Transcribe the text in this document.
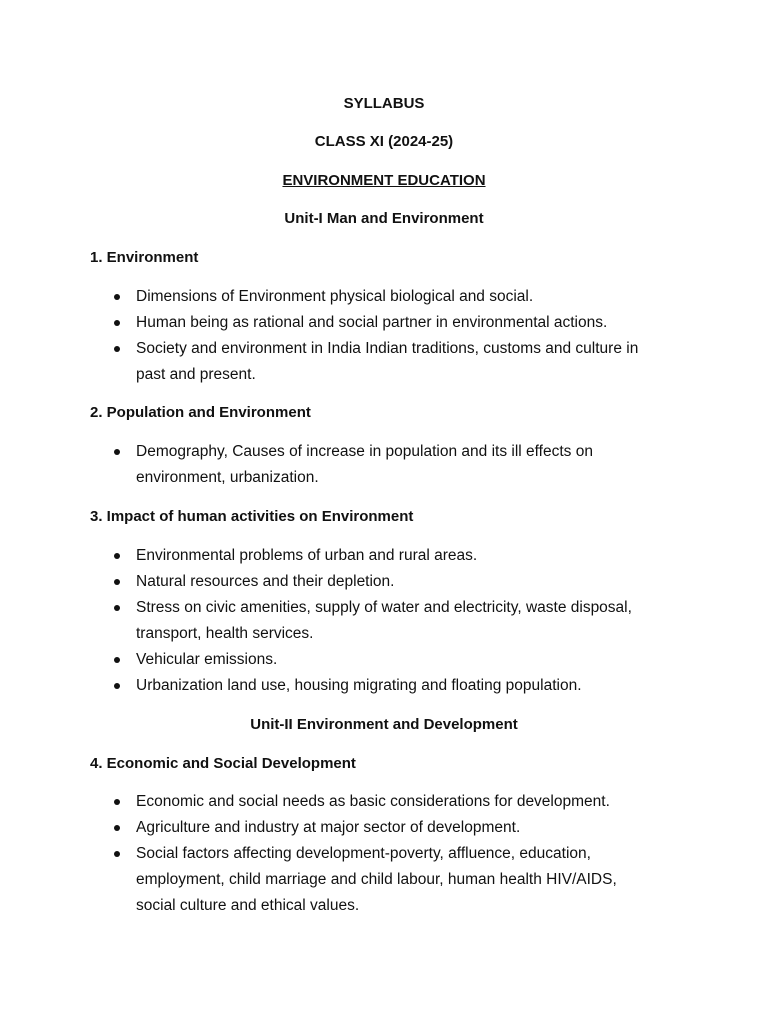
SYLLABUS
CLASS XI (2024-25)
ENVIRONMENT EDUCATION
Unit-I Man and Environment
1. Environment
Dimensions of Environment physical biological and social.
Human being as rational and social partner in environmental actions.
Society and environment in India Indian traditions, customs and culture in
past and present.
2. Population and Environment
Demography, Causes of increase in population and its ill effects on
environment, urbanization.
3. Impact of human activities on Environment
Environmental problems of urban and rural areas.
Natural resources and their depletion.
Stress on civic amenities, supply of water and electricity, waste disposal,
transport, health services.
Vehicular emissions.
Urbanization land use, housing migrating and floating population.
Unit-II Environment and Development
4. Economic and Social Development
Economic and social needs as basic considerations for development.
Agriculture and industry at major sector of development.
Social factors affecting development-poverty, affluence, education,
employment, child marriage and child labour, human health HIV/AIDS,
social culture and ethical values.
